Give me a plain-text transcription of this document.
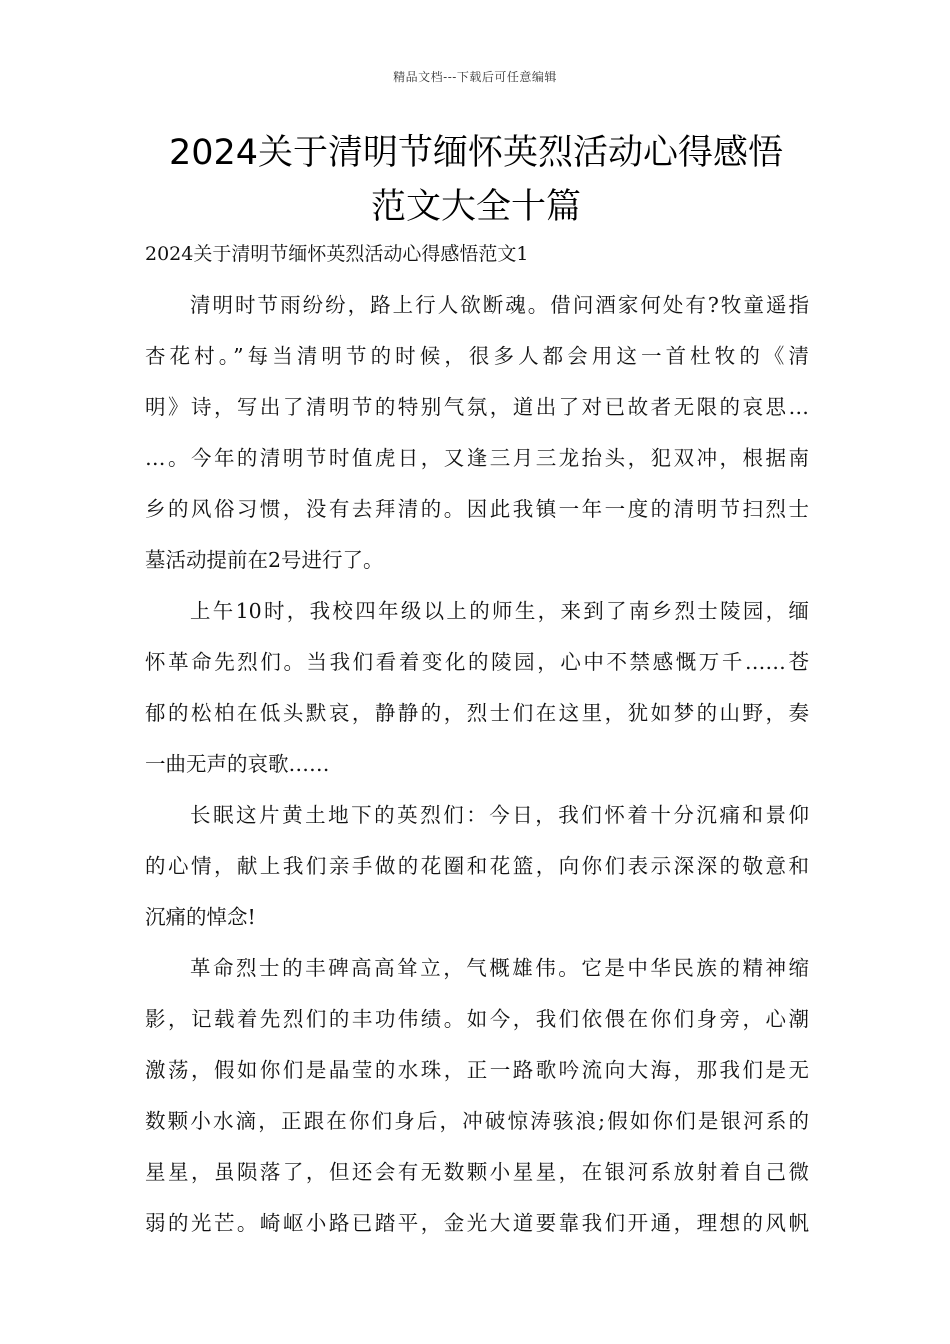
精品文档---下载后可任意编辑
2024关于清明节缅怀英烈活动心得感悟
范文大全十篇
2024关于清明节缅怀英烈活动心得感悟范文1
清明时节雨纷纷，路上行人欲断魂。借问酒家何处有?牧童遥指
杏花村。”每当清明节的时候，很多人都会用这一首杜牧的《清
明》诗，写出了清明节的特别气氛，道出了对已故者无限的哀思…
…。今年的清明节时值虎日，又逢三月三龙抬头，犯双冲，根据南
乡的风俗习惯，没有去拜清的。因此我镇一年一度的清明节扫烈士
墓活动提前在2号进行了。
上午10时，我校四年级以上的师生，来到了南乡烈士陵园，缅
怀革命先烈们。当我们看着变化的陵园，心中不禁感慨万千……苍
郁的松柏在低头默哀，静静的，烈士们在这里，犹如梦的山野，奏
一曲无声的哀歌……
长眠这片黄土地下的英烈们：今日，我们怀着十分沉痛和景仰
的心情，献上我们亲手做的花圈和花篮，向你们表示深深的敬意和
沉痛的悼念!
革命烈士的丰碑高高耸立，气概雄伟。它是中华民族的精神缩
影，记载着先烈们的丰功伟绩。如今，我们依偎在你们身旁，心潮
激荡，假如你们是晶莹的水珠，正一路歌吟流向大海，那我们是无
数颗小水滴，正跟在你们身后，冲破惊涛骇浪;假如你们是银河系的
星星，虽陨落了，但还会有无数颗小星星，在银河系放射着自己微
弱的光芒。崎岖小路已踏平，金光大道要靠我们开通，理想的风帆
